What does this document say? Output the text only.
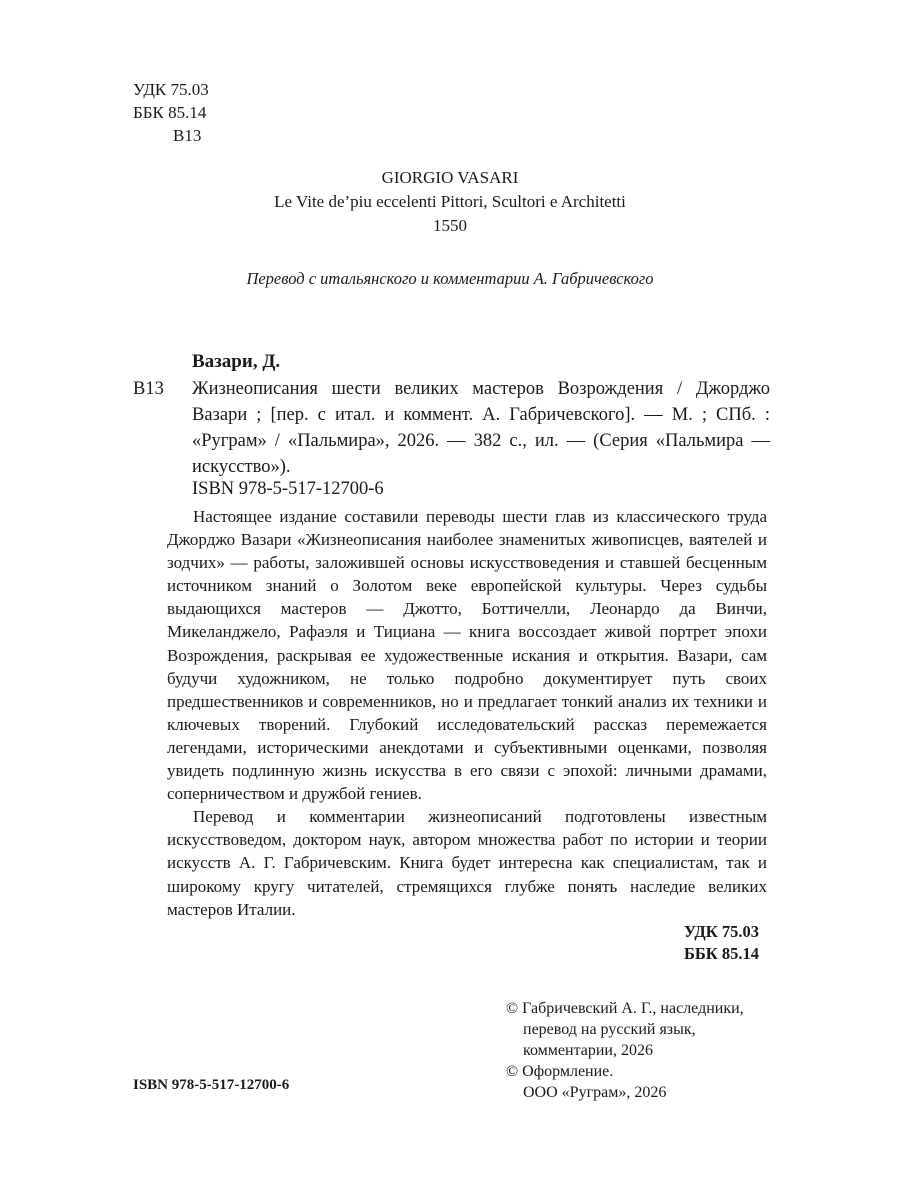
УДК 75.03
ББК 85.14
В13
GIORGIO VASARI
Le Vite de’piu eccelenti Pittori, Scultori e Architetti
1550
Перевод с итальянского и комментарии А. Габричевского
Вазари, Д.
В13 Жизнеописания шести великих мастеров Возрождения / Джорджо Вазари ; [пер. с итал. и коммент. А. Габричевского]. — М. ; СПб. : «Руграм» / «Пальмира», 2026. — 382 с., ил. — (Серия «Пальмира — искусство»).
ISBN 978-5-517-12700-6

Настоящее издание составили переводы шести глав из классического труда Джорджо Вазари «Жизнеописания наиболее знаменитых живописцев, ваятелей и зодчих» — работы, заложившей основы искусствоведения и ставшей бесценным источником знаний о Золотом веке европейской культуры. Через судьбы выдающихся мастеров — Джотто, Боттичелли, Леонардо да Винчи, Микеланджело, Рафаэля и Тициана — книга воссоздает живой портрет эпохи Возрождения, раскрывая ее художественные искания и открытия. Вазари, сам будучи художником, не только подробно документирует путь своих предшественников и современников, но и предлагает тонкий анализ их техники и ключевых творений. Глубокий исследовательский рассказ перемежается легендами, историческими анекдотами и субъективными оценками, позволяя увидеть подлинную жизнь искусства в его связи с эпохой: личными драмами, соперничеством и дружбой гениев.

Перевод и комментарии жизнеописаний подготовлены известным искусствоведом, доктором наук, автором множества работ по истории и теории искусств А. Г. Габричевским. Книга будет интересна как специалистам, так и широкому кругу читателей, стремящихся глубже понять наследие великих мастеров Италии.

УДК 75.03
ББК 85.14
© Габричевский А. Г., наследники,
перевод на русский язык,
комментарии, 2026
© Оформление.
ООО «Руграм», 2026
ISBN 978-5-517-12700-6
